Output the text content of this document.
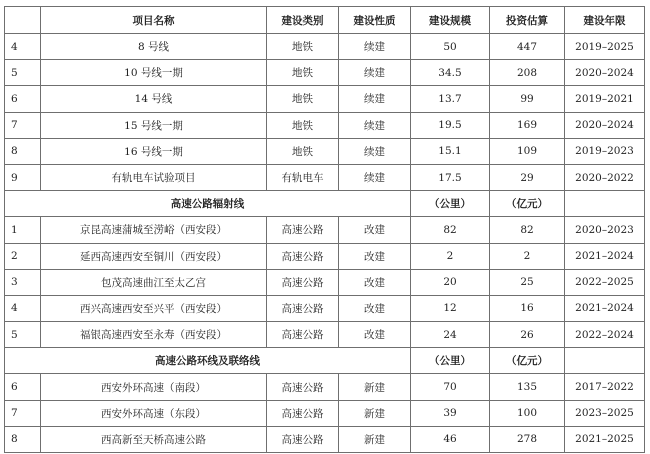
	项目名称	建设类别	建设性质	建设规模	投资估算	建设年限
4	8 号线	地铁	续建	50	447	2019–2025
5	10 号线一期	地铁	续建	34.5	208	2020–2024
6	14 号线	地铁	续建	13.7	99	2019–2021
7	15 号线一期	地铁	续建	19.5	169	2020–2024
8	16 号线一期	地铁	续建	15.1	109	2019–2023
9	有轨电车试验项目	有轨电车	续建	17.5	29	2020–2022
高速公路辐射线				（公里）	（亿元）	
1	京昆高速蒲城至涝峪（西安段）	高速公路	改建	82	82	2020–2023
2	延西高速西安至铜川（西安段）	高速公路	改建	2	2	2021–2024
3	包茂高速曲江至太乙宫	高速公路	改建	20	25	2022–2025
4	西兴高速西安至兴平（西安段）	高速公路	改建	12	16	2021–2024
5	福银高速西安至永寿（西安段）	高速公路	改建	24	26	2022–2024
高速公路环线及联络线				（公里）	（亿元）	
6	西安外环高速（南段）	高速公路	新建	70	135	2017–2022
7	西安外环高速（东段）	高速公路	新建	39	100	2023–2025
8	西高新至天桥高速公路	高速公路	新建	46	278	2021–2025
